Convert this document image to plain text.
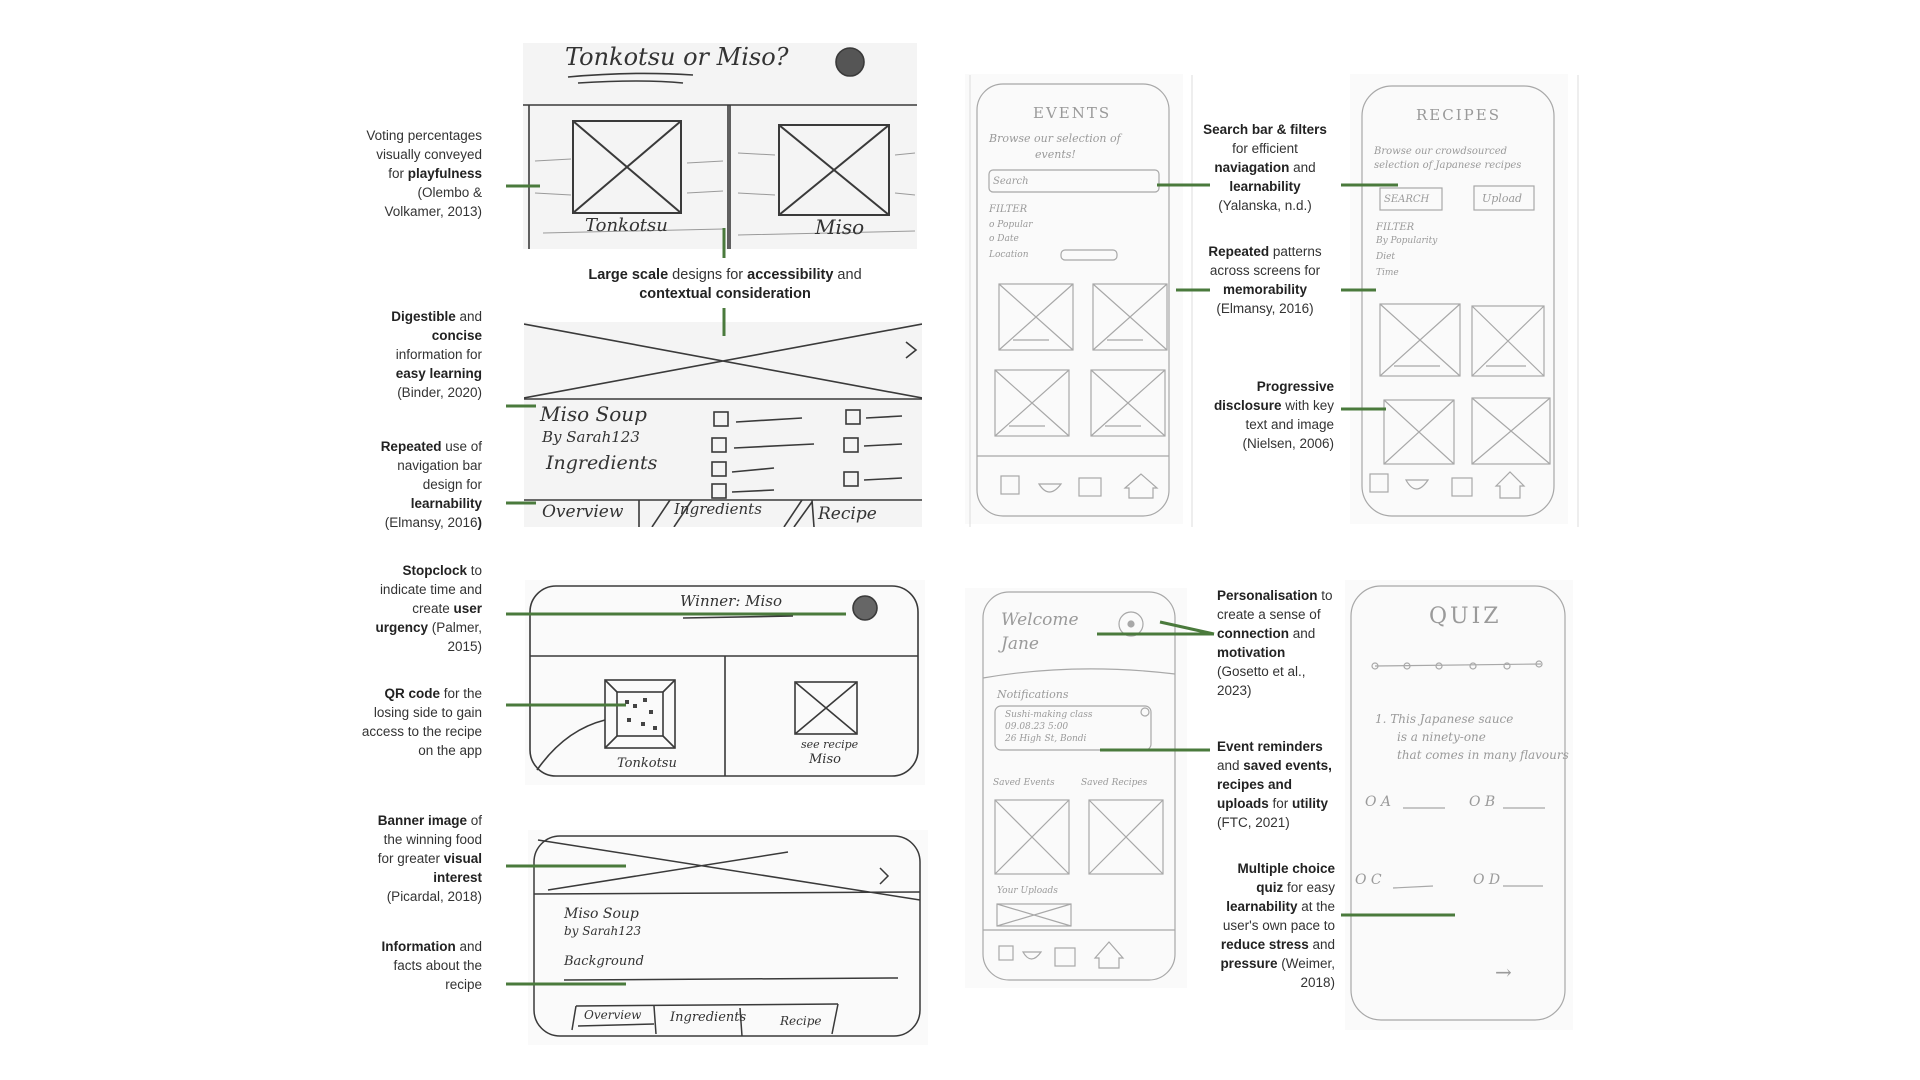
Voting percentages
visually conveyed
for playfulness
(Olembo &
Volkamer, 2013)
Digestible and
concise
information for
easy learning
(Binder, 2020)
Repeated use of
navigation bar
design for
learnability
(Elmansy, 2016)
Stopclock to
indicate time and
create user
urgency (Palmer,
2015)
QR code for the
losing side to gain
access to the recipe
on the app
Banner image of
the winning food
for greater visual
interest
(Picardal, 2018)
Information and
facts about the
recipe
Large scale designs for accessibility and
contextual consideration
Search bar & filters
for efficient
naviagation and
learnability
(Yalanska, n.d.)
Repeated patterns
across screens for
memorability
(Elmansy, 2016)
Progressive
disclosure with key
text and image
(Nielsen, 2006)
Personalisation to
create a sense of
connection and
motivation
(Gosetto et al.,
2023)
Event reminders
and saved events,
recipes and
uploads for utility
(FTC, 2021)
Multiple choice
quiz for easy
learnability at the
user's own pace to
reduce stress and
pressure (Weimer,
2018)
Tonkotsu or Miso?
Tonkotsu	Miso
Miso Soup
By Sarah123
Ingredients
Overview	Ingredients	Recipe
Winner: Miso
Tonkotsu
see recipe
Miso
Miso Soup
by Sarah123
Background
Overview Ingredients	Recipe
EVENTS
Browse our selection of
events!
Search
FILTER
o Popular
o Date
Location
RECIPES
Browse our crowdsourced
selection of Japanese recipes
SEARCH	Upload
FILTER
By Popularity
Diet
Time
Welcome
Jane
Notifications
Sushi-making class
09.08.23 5:00
26 High St, Bondi
Saved Events	Saved Recipes
Your Uploads
QUIZ
1. This Japanese sauce
is a ninety-one
that comes in many flavours
O A	O B
O C	O D
→
